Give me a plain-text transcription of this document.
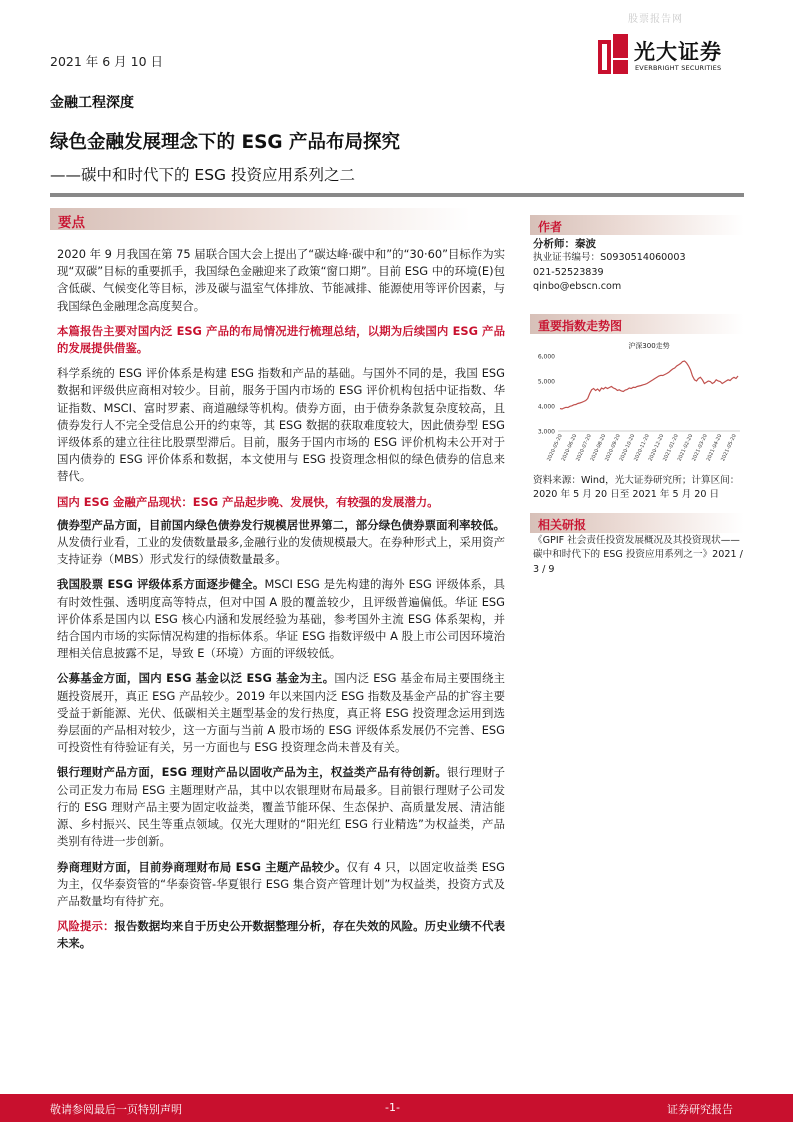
股票报告网
2021 年 6 月 10 日	光大证券
EVERBRIGHT SECURITIES
金融工程深度
绿色金融发展理念下的 ESG 产品布局探究
——碳中和时代下的 ESG 投资应用系列之二
要点

2020 年 9 月我国在第 75 届联合国大会上提出了“碳达峰·碳中和”的“30·60”目标作为实现“双碳”目标的重要抓手，我国绿色金融迎来了政策“窗口期”。目前 ESG 中的环境(E)包含低碳、气候变化等目标，涉及碳与温室气体排放、节能减排、能源使用等评价因素，与我国绿色金融理念高度契合。

本篇报告主要对国内泛 ESG 产品的布局情况进行梳理总结，以期为后续国内 ESG 产品的发展提供借鉴。

科学系统的 ESG 评价体系是构建 ESG 指数和产品的基础。与国外不同的是，我国 ESG 数据和评级供应商相对较少。目前，服务于国内市场的 ESG 评价机构包括中证指数、华证指数、MSCI、富时罗素、商道融绿等机构。债券方面，由于债券条款复杂度较高，且债券发行人不完全受信息公开的约束等，其 ESG 数据的获取难度较大，因此债券型 ESG 评级体系的建立往往比股票型滞后。目前，服务于国内市场的 ESG 评价机构未公开对于国内债券的 ESG 评价体系和数据，本文使用与 ESG 投资理念相似的绿色债券的信息来替代。

国内 ESG 金融产品现状：ESG 产品起步晚、发展快，有较强的发展潜力。

债券型产品方面，目前国内绿色债券发行规模居世界第二，部分绿色债券票面利率较低。从发债行业看，工业的发债数量最多,金融行业的发债规模最大。在券种形式上，采用资产支持证券（MBS）形式发行的绿债数量最多。

我国股票 ESG 评级体系方面逐步健全。MSCI ESG 是先构建的海外 ESG 评级体系，具有时效性强、透明度高等特点，但对中国 A 股的覆盖较少，且评级普遍偏低。华证 ESG 评价体系是国内以 ESG 核心内涵和发展经验为基础，参考国外主流 ESG 体系架构，并结合国内市场的实际情况构建的指标体系。华证 ESG 指数评级中 A 股上市公司因环境治理相关信息披露不足，导致 E（环境）方面的评级较低。

公募基金方面，国内 ESG 基金以泛 ESG 基金为主。国内泛 ESG 基金布局主要围绕主题投资展开，真正 ESG 产品较少。2019 年以来国内泛 ESG 指数及基金产品的扩容主要受益于新能源、光伏、低碳相关主题型基金的发行热度，真正将 ESG 投资理念运用到选券层面的产品相对较少，这一方面与当前 A 股市场的 ESG 评级体系发展仍不完善、ESG 可投资性有待验证有关，另一方面也与 ESG 投资理念尚未普及有关。

银行理财产品方面，ESG 理财产品以固收产品为主，权益类产品有待创新。银行理财子公司正发力布局 ESG 主题理财产品，其中以农银理财布局最多。目前银行理财子公司发行的 ESG 理财产品主要为固定收益类，覆盖节能环保、生态保护、高质量发展、清洁能源、乡村振兴、民生等重点领域。仅光大理财的“阳光红 ESG 行业精选”为权益类，产品类别有待进一步创新。

券商理财方面，目前券商理财布局 ESG 主题产品较少。仅有 4 只，以固定收益类 ESG 为主，仅华泰资管的“华泰资管-华夏银行 ESG 集合资产管理计划”为权益类，投资方式及产品数量均有待扩充。

风险提示：报告数据均来自于历史公开数据整理分析，存在失效的风险。历史业绩不代表未来。

作者
分析师：秦波
执业证书编号：S0930514060003
021-52523839
qinbo@ebscn.com
重要指数走势图
沪深300走势
3,000
4,000
5,000
6,000
2020-05-20
2020-06-20
2020-07-20
2020-08-20
2020-09-20
2020-10-20
2020-11-20
2020-12-20
2021-01-20
2021-02-20
2021-03-20
2021-04-20
2021-05-20
资料来源：Wind，光大证券研究所；计算区间：2020 年 5 月 20 日至 2021 年 5 月 20 日
相关研报
《GPIF 社会责任投资发展概况及其投资现状——碳中和时代下的 ESG 投资应用系列之一》2021 / 3 / 9
敬请参阅最后一页特别声明	-1-	证券研究报告
